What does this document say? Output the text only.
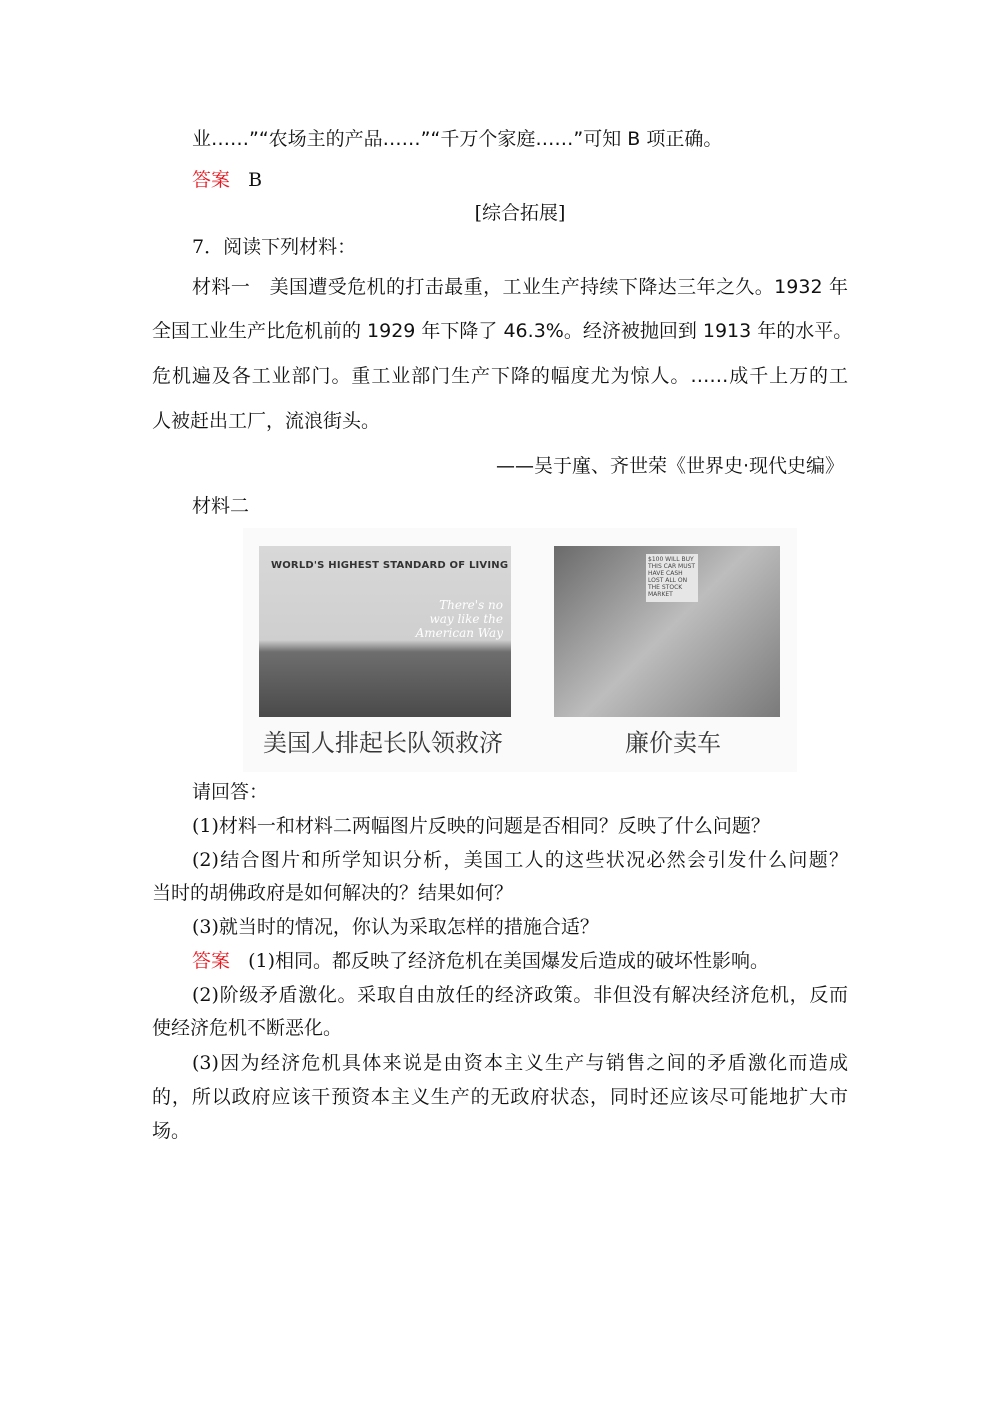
业……”“农场主的产品……”“千万个家庭……”可知 B 项正确。
答案 B
[综合拓展]
7．阅读下列材料：
材料一 美国遭受危机的打击最重，工业生产持续下降达三年之久。1932 年
全国工业生产比危机前的 1929 年下降了 46.3%。经济被抛回到 1913 年的水平。
危机遍及各工业部门。重工业部门生产下降的幅度尤为惊人。……成千上万的工
人被赶出工厂，流浪街头。
——吴于廑、齐世荣《世界史·现代史编》
材料二
WORLD'S HIGHEST STANDARD OF LIVING
There's no way like the American Way
$100 WILL BUY THIS CAR MUST HAVE CASH LOST ALL ON THE STOCK MARKET
美国人排起长队领救济	廉价卖车
请回答：
(1)材料一和材料二两幅图片反映的问题是否相同？反映了什么问题？
(2)结合图片和所学知识分析，美国工人的这些状况必然会引发什么问题？
当时的胡佛政府是如何解决的？结果如何？
(3)就当时的情况，你认为采取怎样的措施合适？
答案 (1)相同。都反映了经济危机在美国爆发后造成的破坏性影响。
(2)阶级矛盾激化。采取自由放任的经济政策。非但没有解决经济危机，反而
使经济危机不断恶化。
(3)因为经济危机具体来说是由资本主义生产与销售之间的矛盾激化而造成
的，所以政府应该干预资本主义生产的无政府状态，同时还应该尽可能地扩大市
场。
